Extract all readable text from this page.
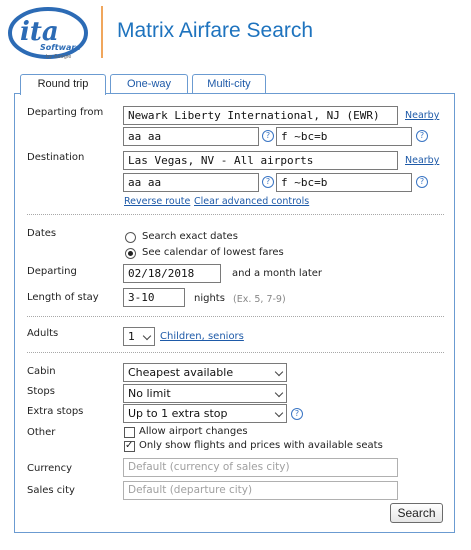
ita
Software
by Google
Matrix Airfare Search
Round trip	One-way	Multi-city
Departing from	Newark Liberty International, NJ (EWR)	Nearby
aa aa	? f ~bc=b	?
Destination	Las Vegas, NV - All airports	Nearby
aa aa	? f ~bc=b	?
Reverse route Clear advanced controls
Dates	Search exact dates
See calendar of lowest fares
Departing	02/18/2018	and a month later
Length of stay	3-10	nights (Ex. 5, 7-9)
Adults	1	Children, seniors
Cabin	Cheapest available
Stops	No limit
Extra stops	Up to 1 extra stop	?
Other	Allow airport changes
✓
Only show flights and prices with available seats
Currency	Default (currency of sales city)
Sales city	Default (departure city)
Search
